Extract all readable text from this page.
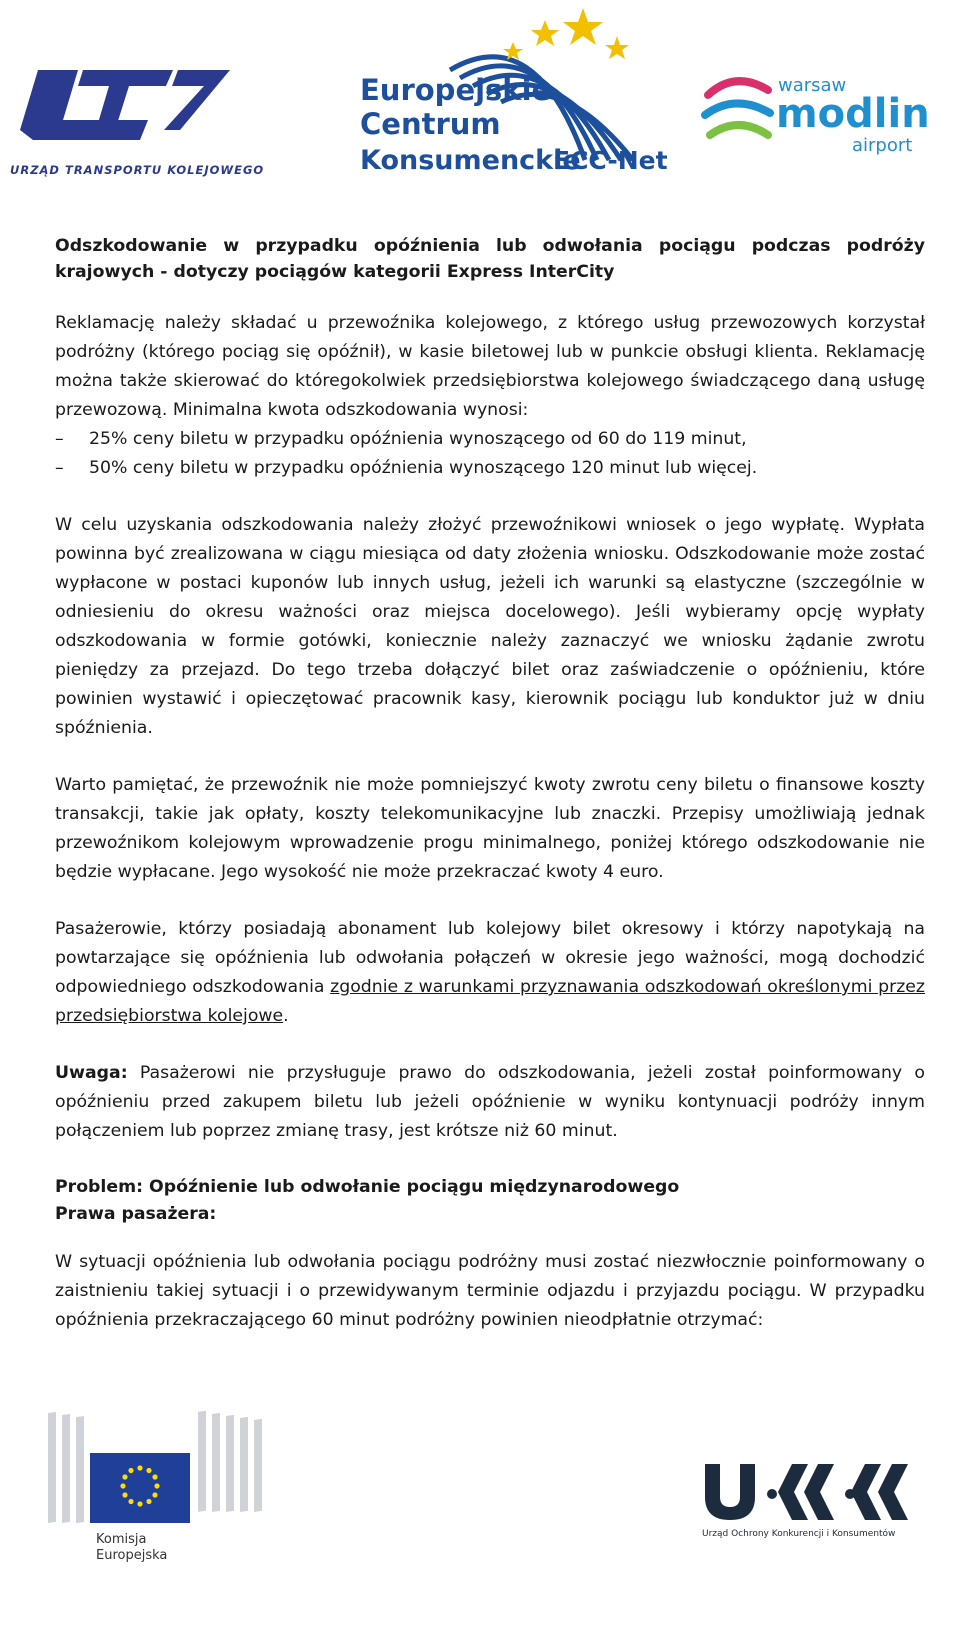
URZĄD TRANSPORTU KOLEJOWEGO
Europejskie
Centrum
Konsumenckie
ECC-Net
warsaw
modlin
airport
Odszkodowanie w przypadku opóźnienia lub odwołania pociągu podczas podróży krajowych - dotyczy pociągów kategorii Express InterCity

Reklamację należy składać u przewoźnika kolejowego, z którego usług przewozowych korzystał podróżny (którego pociąg się opóźnił), w kasie biletowej lub w punkcie obsługi klienta. Reklamację można także skierować do któregokolwiek przedsiębiorstwa kolejowego świadczącego daną usługę przewozową. Minimalna kwota odszkodowania wynosi:

–	25% ceny biletu w przypadku opóźnienia wynoszącego od 60 do 119 minut,
–	50% ceny biletu w przypadku opóźnienia wynoszącego 120 minut lub więcej.

W celu uzyskania odszkodowania należy złożyć przewoźnikowi wniosek o jego wypłatę. Wypłata powinna być zrealizowana w ciągu miesiąca od daty złożenia wniosku. Odszkodowanie może zostać wypłacone w postaci kuponów lub innych usług, jeżeli ich warunki są elastyczne (szczególnie w odniesieniu do okresu ważności oraz miejsca docelowego). Jeśli wybieramy opcję wypłaty odszkodowania w formie gotówki, koniecznie należy zaznaczyć we wniosku żądanie zwrotu pieniędzy za przejazd. Do tego trzeba dołączyć bilet oraz zaświadczenie o opóźnieniu, które powinien wystawić i opieczętować pracownik kasy, kierownik pociągu lub konduktor już w dniu spóźnienia.

Warto pamiętać, że przewoźnik nie może pomniejszyć kwoty zwrotu ceny biletu o finansowe koszty transakcji, takie jak opłaty, koszty telekomunikacyjne lub znaczki. Przepisy umożliwiają jednak przewoźnikom kolejowym wprowadzenie progu minimalnego, poniżej którego odszkodowanie nie będzie wypłacane. Jego wysokość nie może przekraczać kwoty 4 euro.

Pasażerowie, którzy posiadają abonament lub kolejowy bilet okresowy i którzy napotykają na powtarzające się opóźnienia lub odwołania połączeń w okresie jego ważności, mogą dochodzić odpowiedniego odszkodowania zgodnie z warunkami przyznawania odszkodowań określonymi przez przedsiębiorstwa kolejowe.

Uwaga: Pasażerowi nie przysługuje prawo do odszkodowania, jeżeli został poinformowany o opóźnieniu przed zakupem biletu lub jeżeli opóźnienie w wyniku kontynuacji podróży innym połączeniem lub poprzez zmianę trasy, jest krótsze niż 60 minut.

Problem: Opóźnienie lub odwołanie pociągu międzynarodowego
Prawa pasażera:

W sytuacji opóźnienia lub odwołania pociągu podróżny musi zostać niezwłocznie poinformowany o zaistnieniu takiej sytuacji i o przewidywanym terminie odjazdu i przyjazdu pociągu. W przypadku opóźnienia przekraczającego 60 minut podróżny powinien nieodpłatnie otrzymać:

Komisja
Europejska
Urząd Ochrony Konkurencji i Konsumentów
